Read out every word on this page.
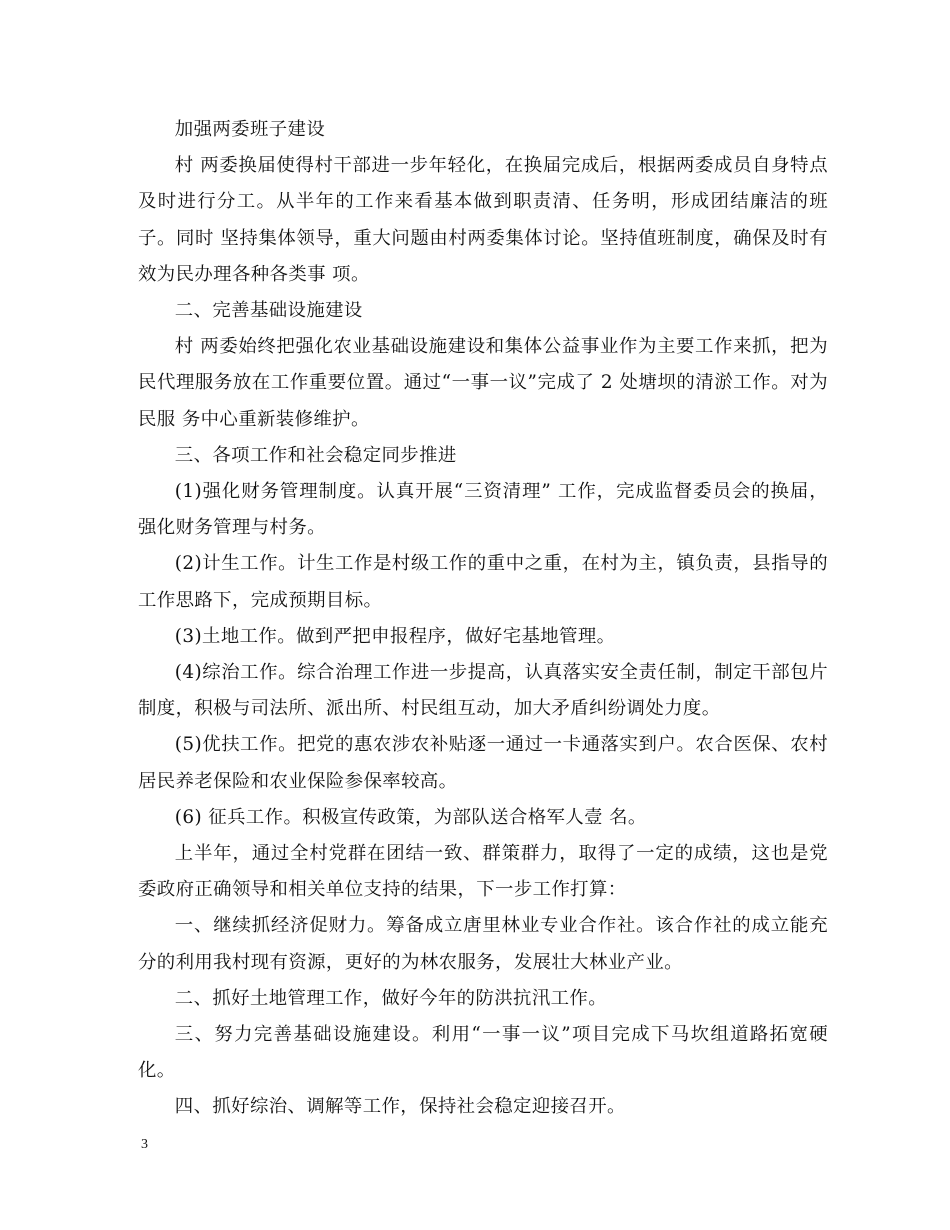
加强两委班子建设

村 两委换届使得村干部进一步年轻化，在换届完成后，根据两委成员自身特点及时进行分工。从半年的工作来看基本做到职责清、任务明，形成团结廉洁的班子。同时 坚持集体领导，重大问题由村两委集体讨论。坚持值班制度，确保及时有效为民办理各种各类事 项。

二、完善基础设施建设

村 两委始终把强化农业基础设施建设和集体公益事业作为主要工作来抓，把为民代理服务放在工作重要位置。通过“一事一议”完成了 2 处塘坝的清淤工作。对为民服 务中心重新装修维护。

三、各项工作和社会稳定同步推进

(1)强化财务管理制度。认真开展“三资清理” 工作，完成监督委员会的换届，强化财务管理与村务。

(2)计生工作。计生工作是村级工作的重中之重，在村为主，镇负责，县指导的工作思路下，完成预期目标。

(3)土地工作。做到严把申报程序，做好宅基地管理。

(4)综治工作。综合治理工作进一步提高，认真落实安全责任制，制定干部包片制度，积极与司法所、派出所、村民组互动，加大矛盾纠纷调处力度。

(5)优扶工作。把党的惠农涉农补贴逐一通过一卡通落实到户。农合医保、农村居民养老保险和农业保险参保率较高。

(6) 征兵工作。积极宣传政策，为部队送合格军人壹 名。

上半年，通过全村党群在团结一致、群策群力，取得了一定的成绩，这也是党委政府正确领导和相关单位支持的结果，下一步工作打算：

一、继续抓经济促财力。筹备成立唐里林业专业合作社。该合作社的成立能充分的利用我村现有资源，更好的为林农服务，发展壮大林业产业。

二、抓好土地管理工作，做好今年的防洪抗汛工作。

三、努力完善基础设施建设。利用“一事一议”项目完成下马坎组道路拓宽硬化。

四、抓好综治、调解等工作，保持社会稳定迎接召开。

3
